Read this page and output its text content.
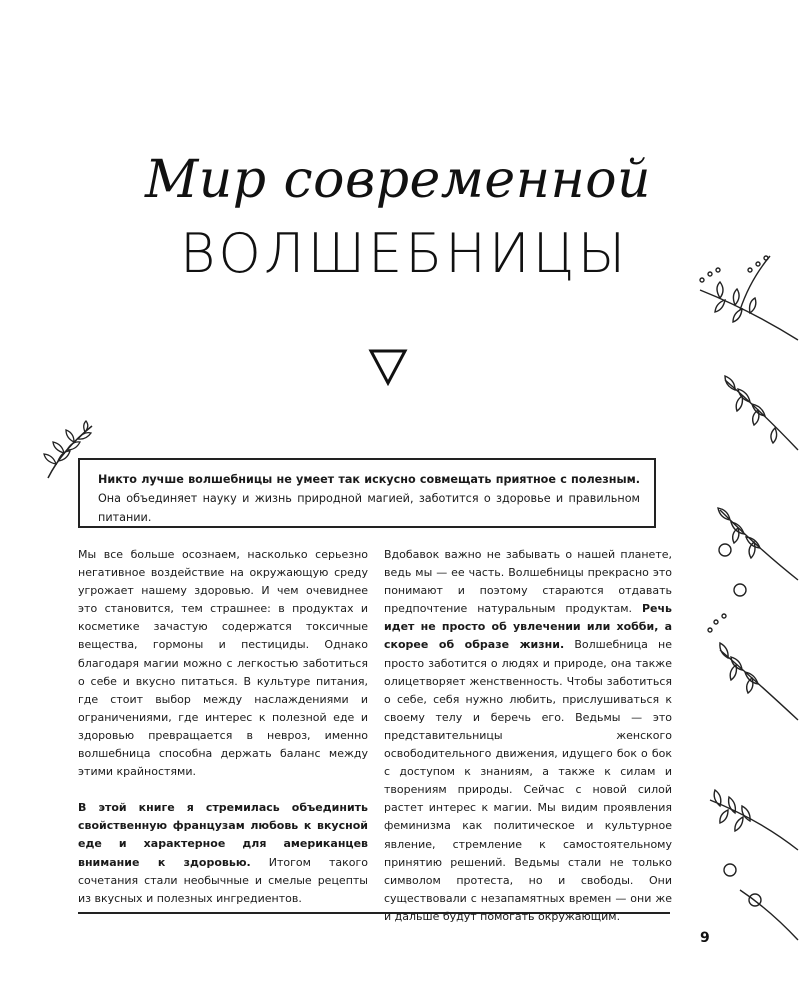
Мир современной
ВОЛШЕБНИЦЫ
Никто лучше волшебницы не умеет так искусно совмещать приятное с полезным. Она объединяет науку и жизнь природной магией, заботится о здоровье и правильном питании.

Мы все больше осознаем, насколько серьезно негативное воздействие на окружающую среду угрожает нашему здоровью. И чем очевиднее это становится, тем страшнее: в продуктах и косметике зачастую содержатся токсичные вещества, гормоны и пестициды. Однако благодаря магии можно с легкостью заботиться о себе и вкусно питаться. В культуре питания, где стоит выбор между наслаждениями и ограничениями, где интерес к полезной еде и здоровью превращается в невроз, именно волшебница способна держать баланс между этими крайностями.

В этой книге я стремилась объединить свойственную французам любовь к вкусной еде и характерное для американцев внимание к здоровью. Итогом такого сочетания стали необычные и смелые рецепты из вкусных и полезных ингредиентов.

Вдобавок важно не забывать о нашей планете, ведь мы — ее часть. Волшебницы прекрасно это понимают и поэтому стараются отдавать предпочтение натуральным продуктам. Речь идет не просто об увлечении или хобби, а скорее об образе жизни. Волшебница не просто заботится о людях и природе, она также олицетворяет женственность. Чтобы заботиться о себе, себя нужно любить, прислушиваться к своему телу и беречь его. Ведьмы — это представительницы женского освободительного движения, идущего бок о бок с доступом к знаниям, а также к силам и творениям природы. Сейчас с новой силой растет интерес к магии. Мы видим проявления феминизма как политическое и культурное явление, стремление к самостоятельному принятию решений. Ведьмы стали не только символом протеста, но и свободы. Они существовали с незапамятных времен — они же и дальше будут помогать окружающим.

9
